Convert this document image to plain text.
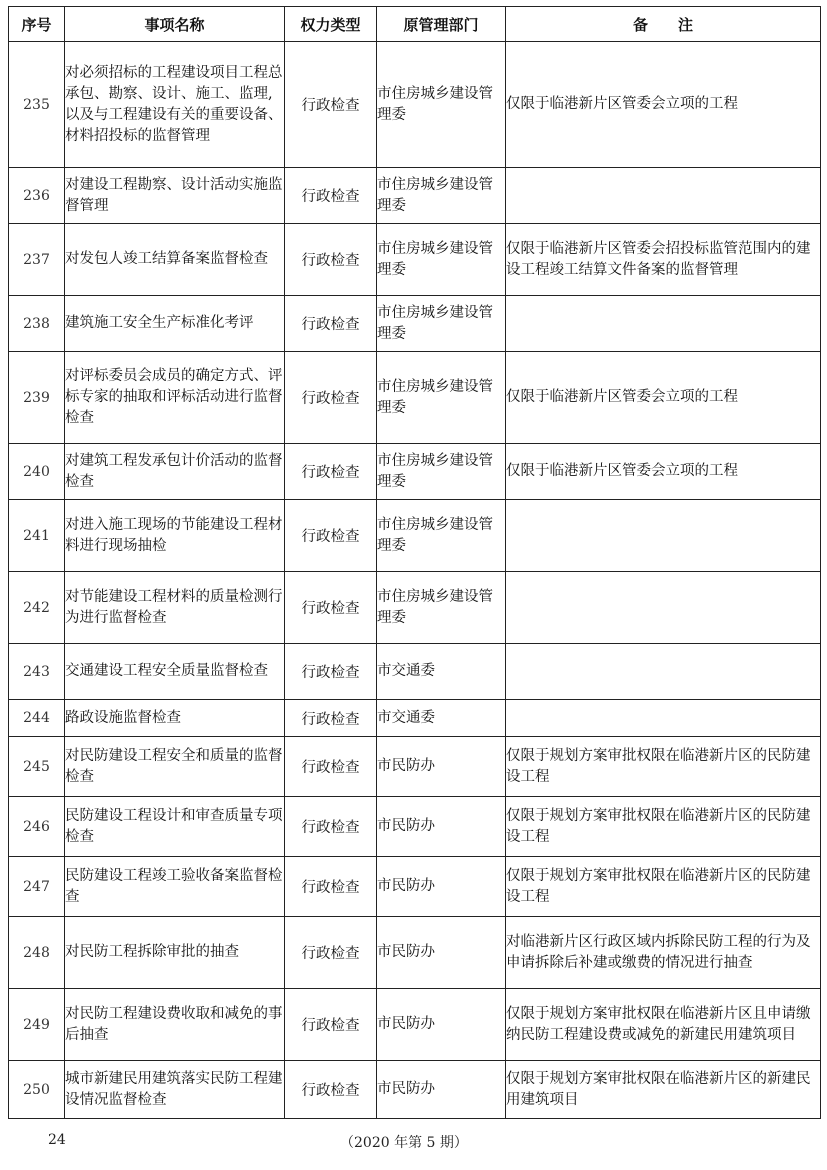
序号	事项名称	权力类型	原管理部门	备　　注
235	对必须招标的工程建设项目工程总承包、勘察、设计、施工、监理,以及与工程建设有关的重要设备、材料招投标的监督管理	行政检查	市住房城乡建设管理委	仅限于临港新片区管委会立项的工程
236	对建设工程勘察、设计活动实施监督管理	行政检查	市住房城乡建设管理委	
237	对发包人竣工结算备案监督检查	行政检查	市住房城乡建设管理委	仅限于临港新片区管委会招投标监管范围内的建设工程竣工结算文件备案的监督管理
238	建筑施工安全生产标准化考评	行政检查	市住房城乡建设管理委	
239	对评标委员会成员的确定方式、评标专家的抽取和评标活动进行监督检查	行政检查	市住房城乡建设管理委	仅限于临港新片区管委会立项的工程
240	对建筑工程发承包计价活动的监督检查	行政检查	市住房城乡建设管理委	仅限于临港新片区管委会立项的工程
241	对进入施工现场的节能建设工程材料进行现场抽检	行政检查	市住房城乡建设管理委	
242	对节能建设工程材料的质量检测行为进行监督检查	行政检查	市住房城乡建设管理委	
243	交通建设工程安全质量监督检查	行政检查	市交通委	
244	路政设施监督检查	行政检查	市交通委	
245	对民防建设工程安全和质量的监督检查	行政检查	市民防办	仅限于规划方案审批权限在临港新片区的民防建设工程
246	民防建设工程设计和审查质量专项检查	行政检查	市民防办	仅限于规划方案审批权限在临港新片区的民防建设工程
247	民防建设工程竣工验收备案监督检查	行政检查	市民防办	仅限于规划方案审批权限在临港新片区的民防建设工程
248	对民防工程拆除审批的抽查	行政检查	市民防办	对临港新片区行政区域内拆除民防工程的行为及申请拆除后补建或缴费的情况进行抽查
249	对民防工程建设费收取和减免的事后抽查	行政检查	市民防办	仅限于规划方案审批权限在临港新片区且申请缴纳民防工程建设费或减免的新建民用建筑项目
250	城市新建民用建筑落实民防工程建设情况监督检查	行政检查	市民防办	仅限于规划方案审批权限在临港新片区的新建民用建筑项目
24	（2020 年第 5 期）
